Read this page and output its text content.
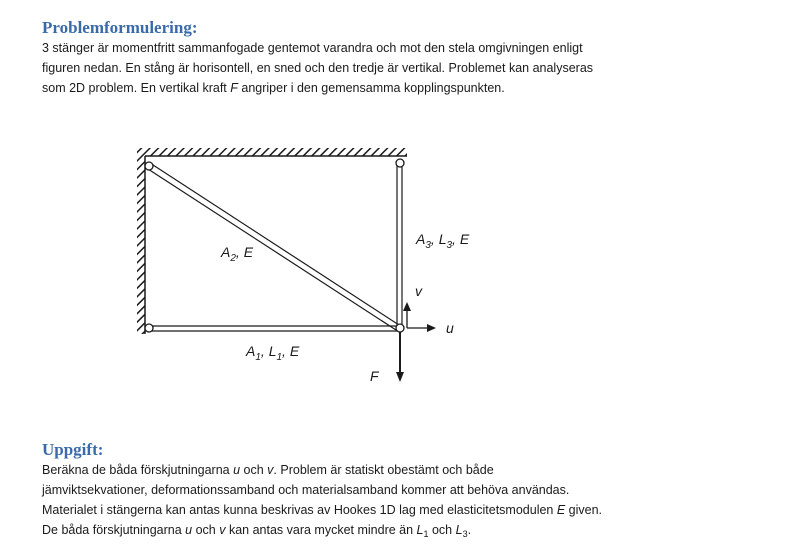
Problemformulering:

3 stänger är momentfritt sammanfogade gentemot varandra och mot den stela omgivningen enligt
figuren nedan. En stång är horisontell, en sned och den tredje är vertikal. Problemet kan analyseras
som 2D problem. En vertikal kraft F angriper i den gemensamma kopplingspunkten.

$A_2$, E
$A_3$, $L_3$, E
$A_1$, $L_1$, E
v
u
F
Uppgift:

Beräkna de båda förskjutningarna u och v. Problem är statiskt obestämt och både
jämviktsekvationer, deformationssamband och materialsamband kommer att behöva användas.
Materialet i stängerna kan antas kunna beskrivas av Hookes 1D lag med elasticitetsmodulen E given.
De båda förskjutningarna u och v kan antas vara mycket mindre än $L_1$ och $L_3$.
